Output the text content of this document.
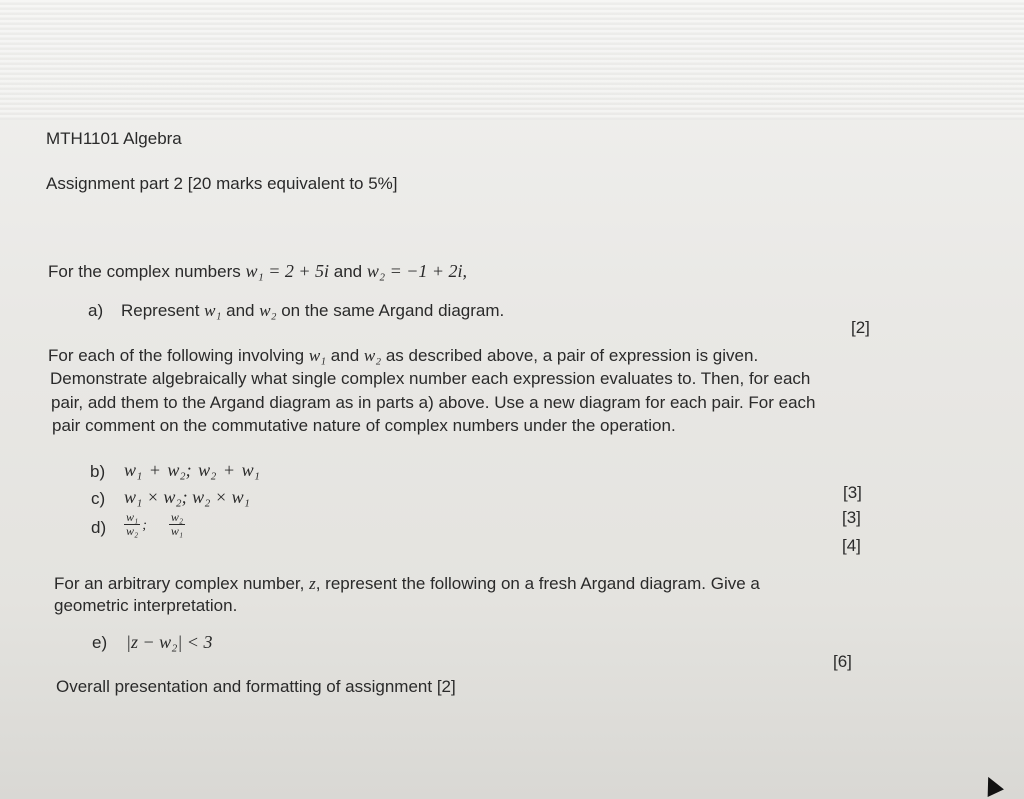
MTH1101 Algebra
Assignment part 2 [20 marks equivalent to 5%]
For the complex numbers w₁ = 2 + 5i and w₂ = −1 + 2i,
a) Represent w₁ and w₂ on the same Argand diagram.
[2]
For each of the following involving w₁ and w₂ as described above, a pair of expression is given.
Demonstrate algebraically what single complex number each expression evaluates to. Then, for each
pair, add them to the Argand diagram as in parts a) above. Use a new diagram for each pair. For each
pair comment on the commutative nature of complex numbers under the operation.
b) w₁ + w₂; w₂ + w₁
[3]
c) w₁ × w₂; w₂ × w₁
[3]
$d) \frac{\text{w₁}}{\text{w₂}}$ ; $\frac{\text{w₂}}{\text{w₁}}$
[4]
For an arbitrary complex number, z, represent the following on a fresh Argand diagram. Give a
geometric interpretation.
e) |z − w₂| < 3
[6]
Overall presentation and formatting of assignment [2]
